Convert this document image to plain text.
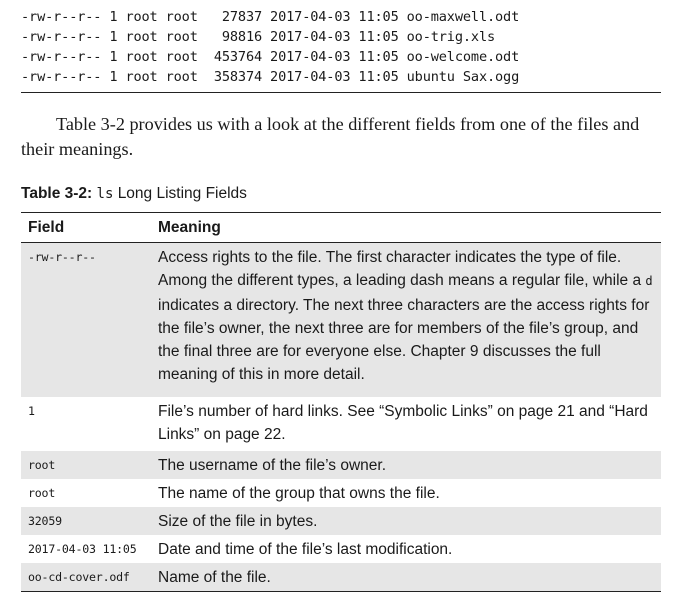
-rw-r--r-- 1 root root   27837 2017-04-03 11:05 oo-maxwell.odt
-rw-r--r-- 1 root root   98816 2017-04-03 11:05 oo-trig.xls
-rw-r--r-- 1 root root  453764 2017-04-03 11:05 oo-welcome.odt
-rw-r--r-- 1 root root  358374 2017-04-03 11:05 ubuntu Sax.ogg

Table 3-2 provides us with a look at the different fields from one of the files and their meanings.

Table 3-2: ls Long Listing Fields

Field	Meaning
-rw-r--r--	Access rights to the file. The first character indicates the type of file. Among the different types, a leading dash means a regular file, while a d indicates a directory. The next three characters are the access rights for the file’s owner, the next three are for members of the file’s group, and the final three are for everyone else. Chapter 9 discusses the full meaning of this in more detail.
1	File’s number of hard links. See “Symbolic Links” on page 21 and “Hard Links” on page 22.
root	The username of the file’s owner.
root	The name of the group that owns the file.
32059	Size of the file in bytes.
2017-04-03 11:05	Date and time of the file’s last modification.
oo-cd-cover.odf	Name of the file.
